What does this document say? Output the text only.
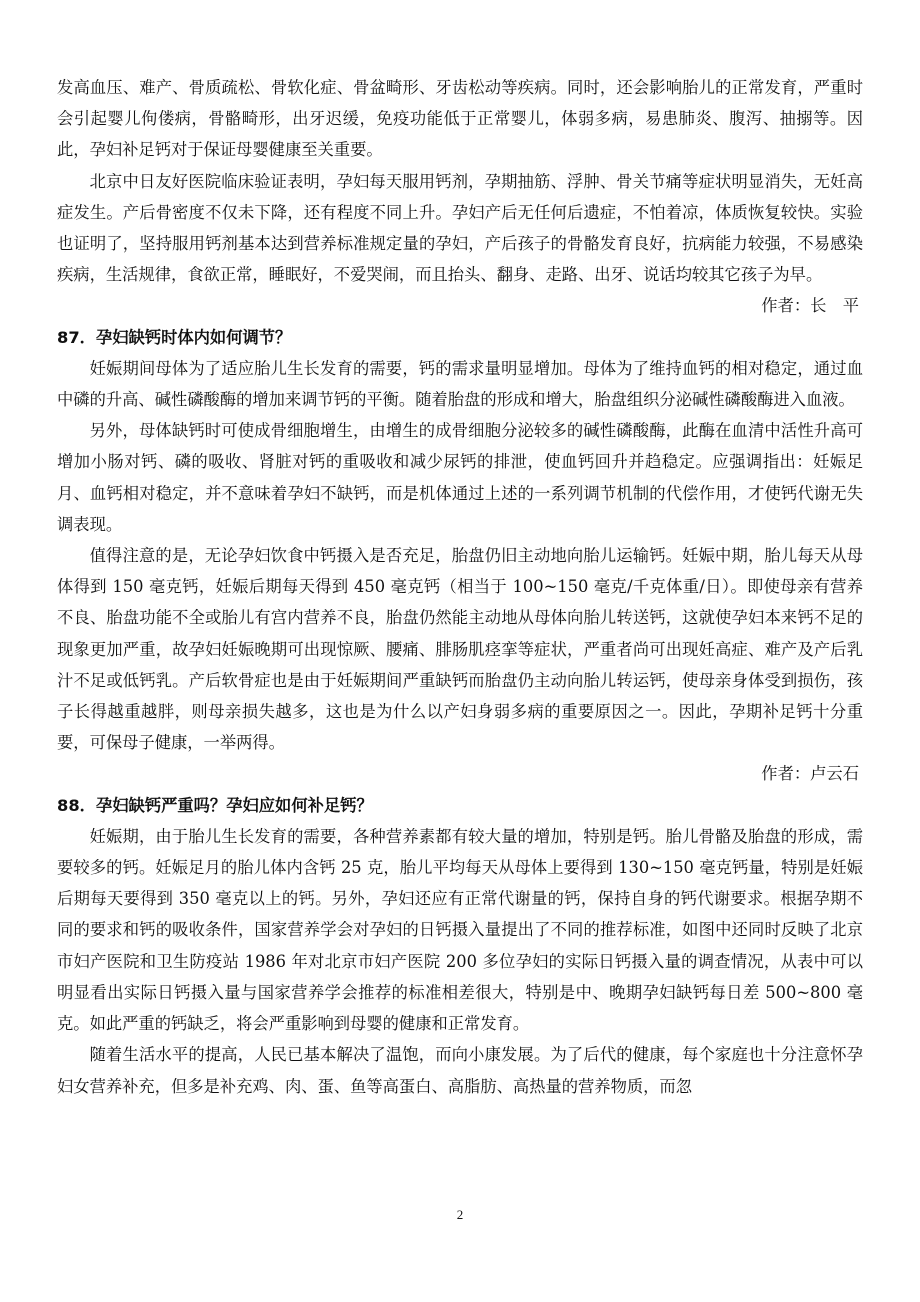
发高血压、难产、骨质疏松、骨软化症、骨盆畸形、牙齿松动等疾病。同时，还会影响胎儿的正常发育，严重时会引起婴儿佝偻病，骨骼畸形，出牙迟缓，免疫功能低于正常婴儿，体弱多病，易患肺炎、腹泻、抽搦等。因此，孕妇补足钙对于保证母婴健康至关重要。

北京中日友好医院临床验证表明，孕妇每天服用钙剂，孕期抽筋、浮肿、骨关节痛等症状明显消失，无妊高症发生。产后骨密度不仅未下降，还有程度不同上升。孕妇产后无任何后遗症，不怕着凉，体质恢复较快。实验也证明了，坚持服用钙剂基本达到营养标准规定量的孕妇，产后孩子的骨骼发育良好，抗病能力较强，不易感染疾病，生活规律，食欲正常，睡眠好，不爱哭闹，而且抬头、翻身、走路、出牙、说话均较其它孩子为早。

作者：长　平
87．孕妇缺钙时体内如何调节？

妊娠期间母体为了适应胎儿生长发育的需要，钙的需求量明显增加。母体为了维持血钙的相对稳定，通过血中磷的升高、碱性磷酸酶的增加来调节钙的平衡。随着胎盘的形成和增大，胎盘组织分泌碱性磷酸酶进入血液。

另外，母体缺钙时可使成骨细胞增生，由增生的成骨细胞分泌较多的碱性磷酸酶，此酶在血清中活性升高可增加小肠对钙、磷的吸收、肾脏对钙的重吸收和减少尿钙的排泄，使血钙回升并趋稳定。应强调指出：妊娠足月、血钙相对稳定，并不意味着孕妇不缺钙，而是机体通过上述的一系列调节机制的代偿作用，才使钙代谢无失调表现。

值得注意的是，无论孕妇饮食中钙摄入是否充足，胎盘仍旧主动地向胎儿运输钙。妊娠中期，胎儿每天从母体得到 150 毫克钙，妊娠后期每天得到 450 毫克钙（相当于 100~150 毫克/千克体重/日）。即使母亲有营养不良、胎盘功能不全或胎儿有宫内营养不良，胎盘仍然能主动地从母体向胎儿转送钙，这就使孕妇本来钙不足的现象更加严重，故孕妇妊娠晚期可出现惊厥、腰痛、腓肠肌痉挛等症状，严重者尚可出现妊高症、难产及产后乳汁不足或低钙乳。产后软骨症也是由于妊娠期间严重缺钙而胎盘仍主动向胎儿转运钙，使母亲身体受到损伤，孩子长得越重越胖，则母亲损失越多，这也是为什么以产妇身弱多病的重要原因之一。因此，孕期补足钙十分重要，可保母子健康，一举两得。

作者：卢云石
88．孕妇缺钙严重吗？孕妇应如何补足钙？

妊娠期，由于胎儿生长发育的需要，各种营养素都有较大量的增加，特别是钙。胎儿骨骼及胎盘的形成，需要较多的钙。妊娠足月的胎儿体内含钙 25 克，胎儿平均每天从母体上要得到 130~150 毫克钙量，特别是妊娠后期每天要得到 350 毫克以上的钙。另外，孕妇还应有正常代谢量的钙，保持自身的钙代谢要求。根据孕期不同的要求和钙的吸收条件，国家营养学会对孕妇的日钙摄入量提出了不同的推荐标准，如图中还同时反映了北京市妇产医院和卫生防疫站 1986 年对北京市妇产医院 200 多位孕妇的实际日钙摄入量的调查情况，从表中可以明显看出实际日钙摄入量与国家营养学会推荐的标准相差很大，特别是中、晚期孕妇缺钙每日差 500~800 毫克。如此严重的钙缺乏，将会严重影响到母婴的健康和正常发育。

随着生活水平的提高，人民已基本解决了温饱，而向小康发展。为了后代的健康，每个家庭也十分注意怀孕妇女营养补充，但多是补充鸡、肉、蛋、鱼等高蛋白、高脂肪、高热量的营养物质，而忽

2
